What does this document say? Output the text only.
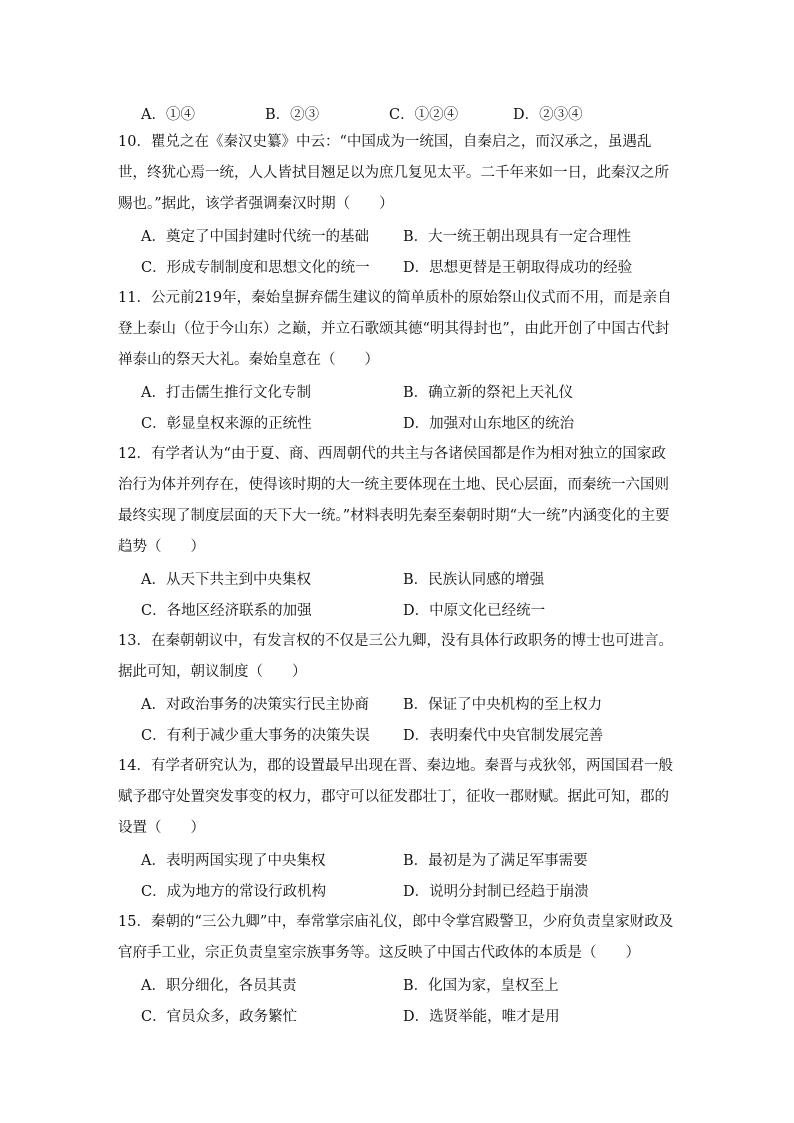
A．①④	B．②③	C．①②④	D．②③④
10．瞿兑之在《秦汉史纂》中云：“中国成为一统国，自秦启之，而汉承之，虽遇乱世，终犹心焉一统，人人皆拭目翘足以为庶几复见太平。二千年来如一日，此秦汉之所赐也。”据此，该学者强调秦汉时期（　　）
A．奠定了中国封建时代统一的基础	B．大一统王朝出现具有一定合理性
C．形成专制制度和思想文化的统一	D．思想更替是王朝取得成功的经验
11．公元前219年，秦始皇摒弃儒生建议的简单质朴的原始祭山仪式而不用，而是亲自登上泰山（位于今山东）之巅，并立石歌颂其德“明其得封也”，由此开创了中国古代封禅泰山的祭天大礼。秦始皇意在（　　）
A．打击儒生推行文化专制	B．确立新的祭祀上天礼仪
C．彰显皇权来源的正统性	D．加强对山东地区的统治
12．有学者认为“由于夏、商、西周朝代的共主与各诸侯国都是作为相对独立的国家政治行为体并列存在，使得该时期的大一统主要体现在土地、民心层面，而秦统一六国则最终实现了制度层面的天下大一统。”材料表明先秦至秦朝时期“大一统”内涵变化的主要趋势（　　）
A．从天下共主到中央集权	B．民族认同感的增强
C．各地区经济联系的加强	D．中原文化已经统一
13．在秦朝朝议中，有发言权的不仅是三公九卿，没有具体行政职务的博士也可进言。据此可知，朝议制度（　　）
A．对政治事务的决策实行民主协商	B．保证了中央机构的至上权力
C．有利于减少重大事务的决策失误	D．表明秦代中央官制发展完善
14．有学者研究认为，郡的设置最早出现在晋、秦边地。秦晋与戎狄邻，两国国君一般赋予郡守处置突发事变的权力，郡守可以征发郡壮丁，征收一郡财赋。据此可知，郡的设置（　　）
A．表明两国实现了中央集权	B．最初是为了满足军事需要
C．成为地方的常设行政机构	D．说明分封制已经趋于崩溃
15．秦朝的“三公九卿”中，奉常掌宗庙礼仪，郎中令掌宫殿警卫，少府负责皇家财政及官府手工业，宗正负责皇室宗族事务等。这反映了中国古代政体的本质是（　　）
A．职分细化，各员其责	B．化国为家，皇权至上
C．官员众多，政务繁忙	D．选贤举能，唯才是用
